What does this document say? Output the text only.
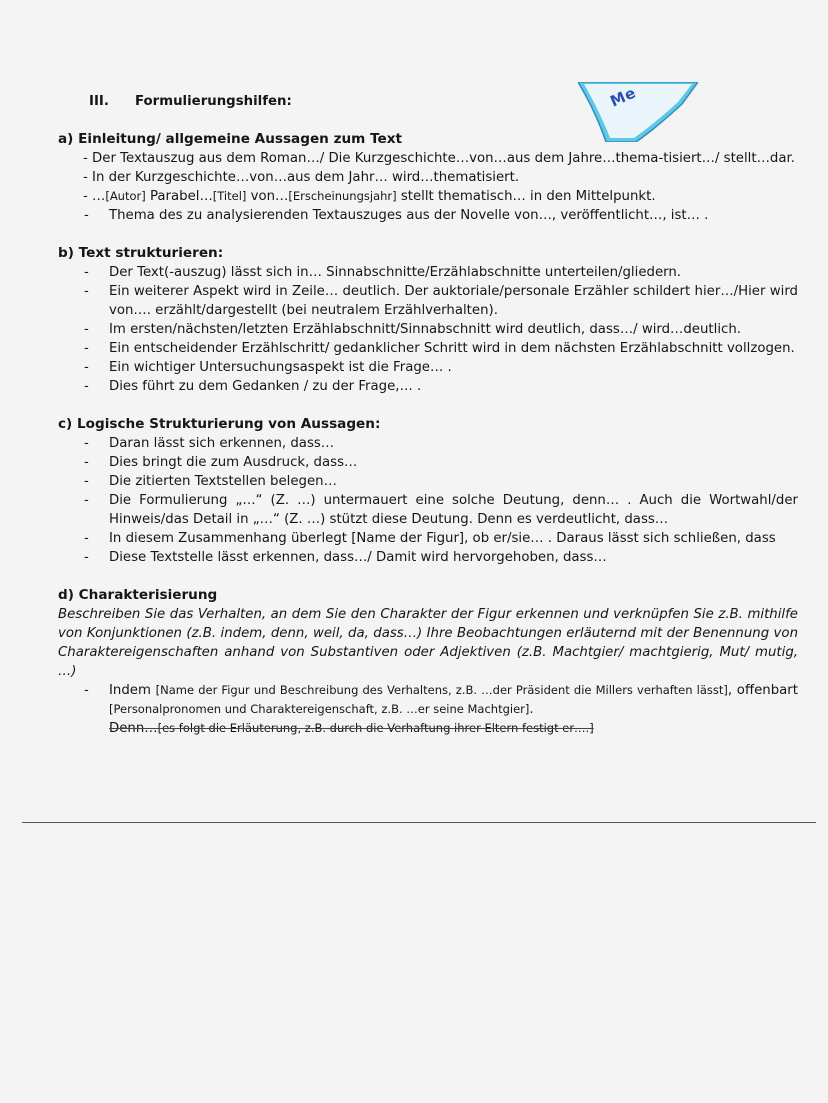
Me
III.	Formulierungshilfen:
a) Einleitung/ allgemeine Aussagen zum Text
- Der Textauszug aus dem Roman…/ Die Kurzgeschichte…von…aus dem Jahre…thema-tisiert…/ stellt…dar.
- In der Kurzgeschichte…von…aus dem Jahr… wird…thematisiert.
- …[Autor] Parabel…[Titel] von…[Erscheinungsjahr] stellt thematisch… in den Mittelpunkt.
- Thema des zu analysierenden Textauszuges aus der Novelle von…, veröffentlicht…, ist… .
b) Text strukturieren:
- Der Text(-auszug) lässt sich in… Sinnabschnitte/Erzählabschnitte unterteilen/gliedern.
- Ein weiterer Aspekt wird in Zeile… deutlich. Der auktoriale/personale Erzähler schildert hier…/Hier wird von…. erzählt/dargestellt (bei neutralem Erzählverhalten).
- Im ersten/nächsten/letzten Erzählabschnitt/Sinnabschnitt wird deutlich, dass…/ wird…deutlich.
- Ein entscheidender Erzählschritt/ gedanklicher Schritt wird in dem nächsten Erzählabschnitt vollzogen.
- Ein wichtiger Untersuchungsaspekt ist die Frage… .
- Dies führt zu dem Gedanken / zu der Frage,… .
c) Logische Strukturierung von Aussagen:
- Daran lässt sich erkennen, dass…
- Dies bringt die zum Ausdruck, dass…
- Die zitierten Textstellen belegen…
- Die Formulierung „…“ (Z. …) untermauert eine solche Deutung, denn… . Auch die Wortwahl/der Hinweis/das Detail in „…“ (Z. …) stützt diese Deutung. Denn es verdeutlicht, dass…
- In diesem Zusammenhang überlegt [Name der Figur], ob er/sie… . Daraus lässt sich schließen, dass
- Diese Textstelle lässt erkennen, dass…/ Damit wird hervorgehoben, dass…
d) Charakterisierung
Beschreiben Sie das Verhalten, an dem Sie den Charakter der Figur erkennen und verknüpfen Sie z.B. mithilfe von Konjunktionen (z.B. indem, denn, weil, da, dass…) Ihre Beobachtungen erläuternd mit der Benennung von Charaktereigenschaften anhand von Substantiven oder Adjektiven (z.B. Machtgier/ machtgierig, Mut/ mutig, …)
- Indem [Name der Figur und Beschreibung des Verhaltens, z.B. …der Präsident die Millers verhaften lässt], offenbart [Personalpronomen und Charaktereigenschaft, z.B. …er seine Machtgier].
Denn…[es folgt die Erläuterung, z.B. durch die Verhaftung ihrer Eltern festigt er….]
